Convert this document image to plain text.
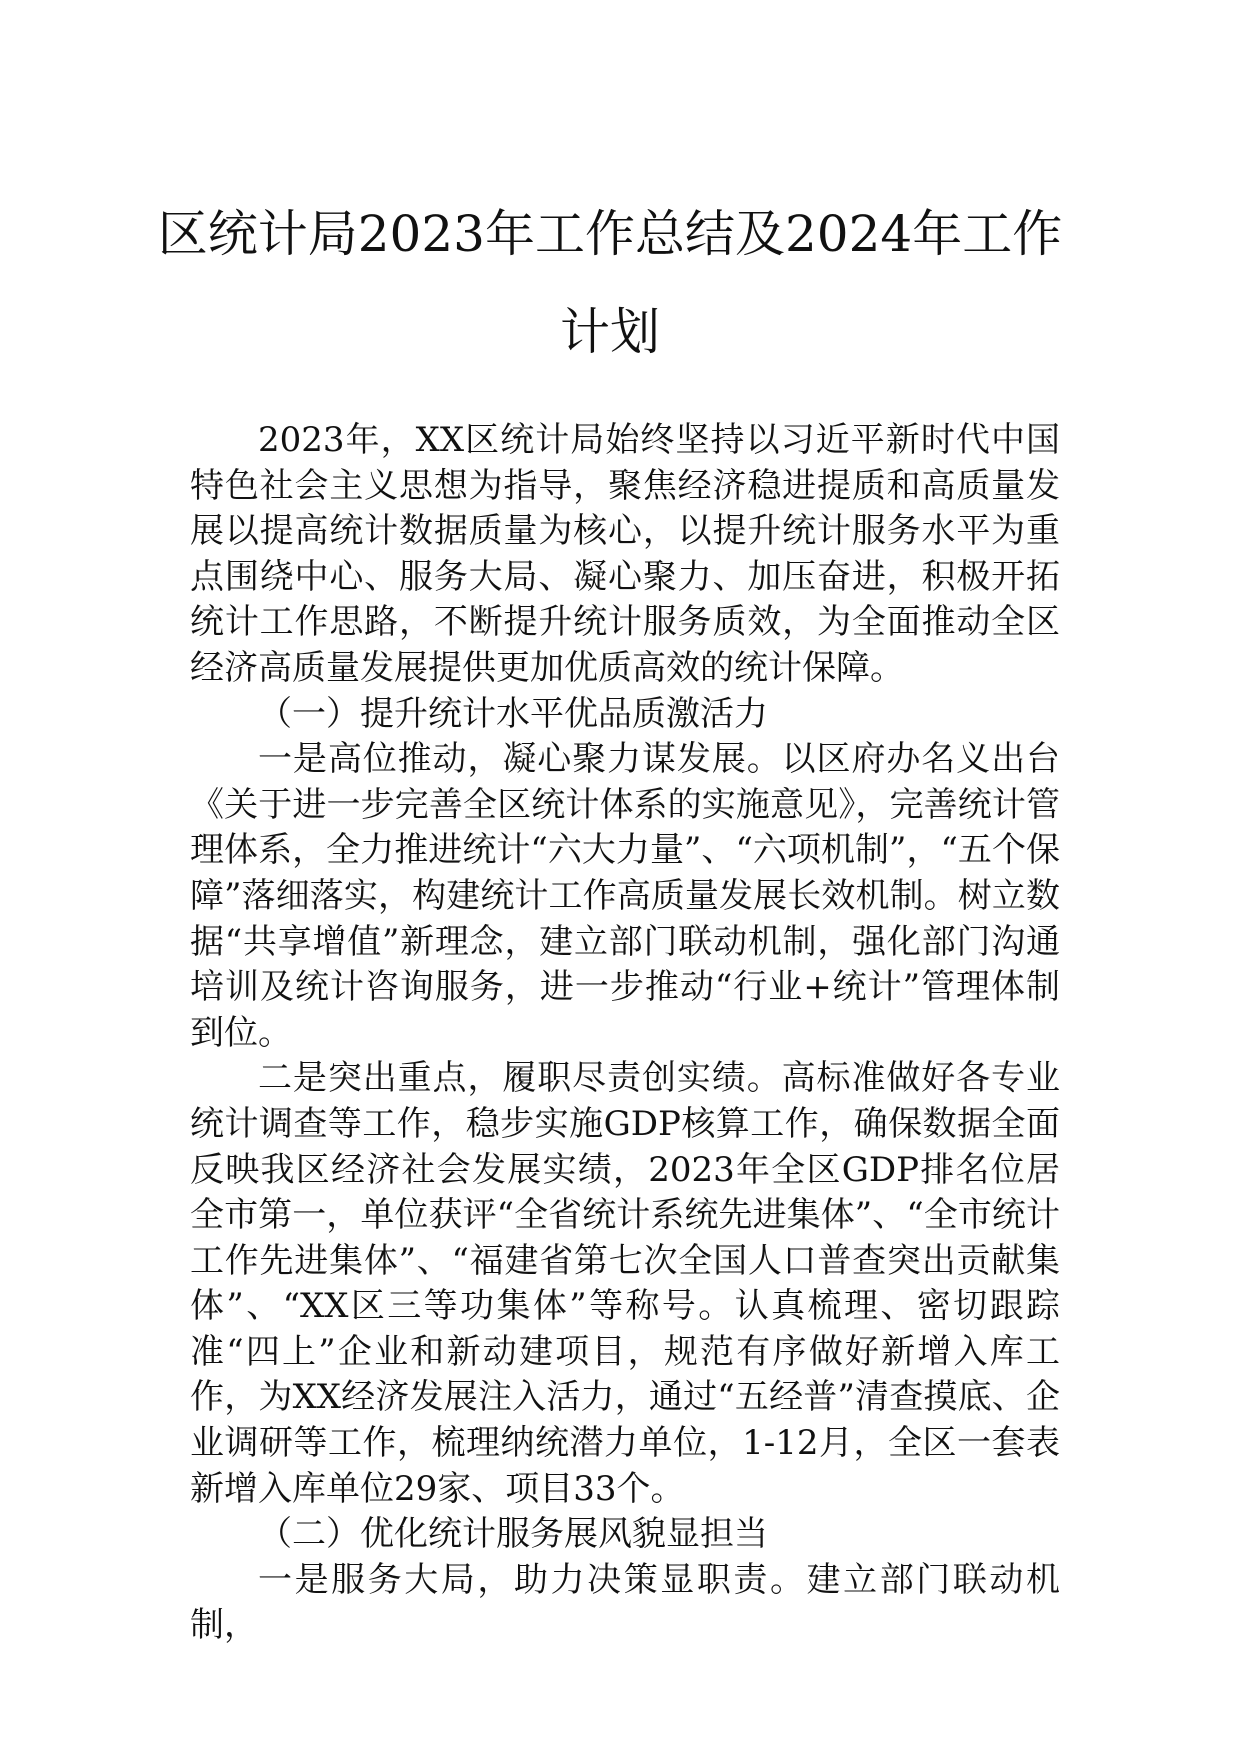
区统计局2023年工作总结及2024年工作计划

2023年，XX区统计局始终坚持以习近平新时代中国特色社会主义思想为指导，聚焦经济稳进提质和高质量发展以提高统计数据质量为核心，以提升统计服务水平为重点围绕中心、服务大局、凝心聚力、加压奋进，积极开拓统计工作思路，不断提升统计服务质效，为全面推动全区经济高质量发展提供更加优质高效的统计保障。

（一）提升统计水平优品质激活力

一是高位推动，凝心聚力谋发展。以区府办名义出台《关于进一步完善全区统计体系的实施意见》，完善统计管理体系，全力推进统计“六大力量”、“六项机制”，“五个保障”落细落实，构建统计工作高质量发展长效机制。树立数据“共享增值”新理念，建立部门联动机制，强化部门沟通培训及统计咨询服务，进一步推动“行业+统计”管理体制到位。

二是突出重点，履职尽责创实绩。高标准做好各专业统计调查等工作，稳步实施GDP核算工作，确保数据全面反映我区经济社会发展实绩，2023年全区GDP排名位居全市第一，单位获评“全省统计系统先进集体”、“全市统计工作先进集体”、“福建省第七次全国人口普查突出贡献集体”、“XX区三等功集体”等称号。认真梳理、密切跟踪准“四上”企业和新动建项目，规范有序做好新增入库工作，为XX经济发展注入活力，通过“五经普”清查摸底、企业调研等工作，梳理纳统潜力单位，1-12月，全区一套表新增入库单位29家、项目33个。

（二）优化统计服务展风貌显担当

一是服务大局，助力决策显职责。建立部门联动机制，
